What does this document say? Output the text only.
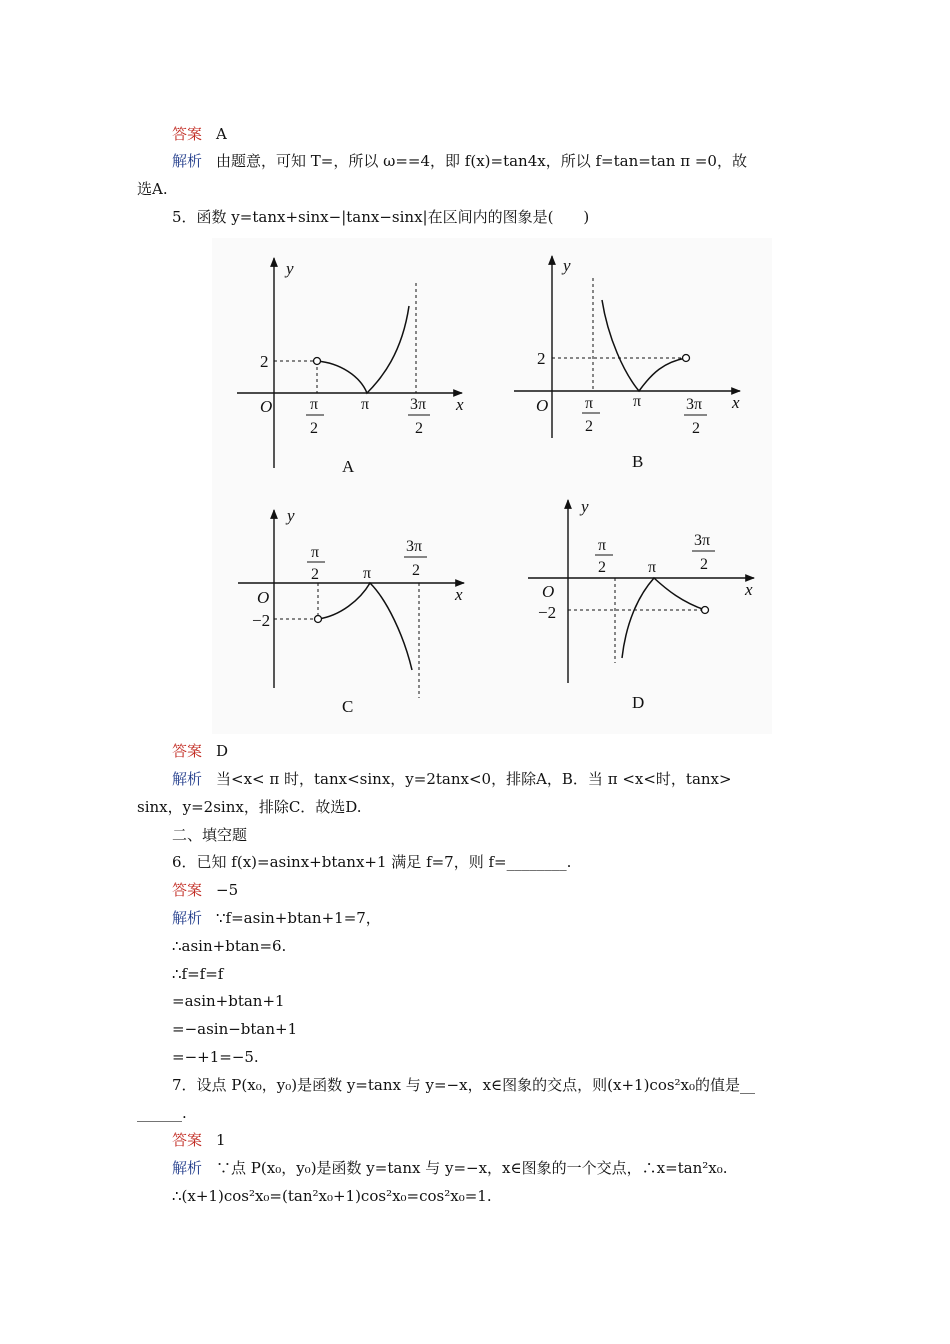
答案 A
解析 由题意，可知 T=，所以 ω==4，即 f(x)=tan4x，所以 f=tan=tan π =0，故
选A.
5．函数 y=tanx+sinx−|tanx−sinx|在区间内的图象是(　　)
y
x
O
2
π
2
π	3π
2
A
y
x
O
2
π
2
π	3π
2
B
y
x
O
−2
π
2	π
3π
2
C
y
x
O
−2
π
2	π
3π
2
D
答案 D
解析 当<x< π 时，tanx<sinx，y=2tanx<0，排除A，B．当 π <x<时，tanx>
sinx，y=2sinx，排除C．故选D.
二、填空题
6．已知 f(x)=asinx+btanx+1 满足 f=7，则 f=________.
答案 −5
解析 ∵f=asin+btan+1=7，
∴asin+btan=6.
∴f=f=f
=asin+btan+1
=−asin−btan+1
=−+1=−5.
7．设点 P(x₀，y₀)是函数 y=tanx 与 y=−x，x∈图象的交点，则(x+1)cos²x₀的值是__
______.
答案 1
解析 ∵点 P(x₀，y₀)是函数 y=tanx 与 y=−x，x∈图象的一个交点，∴x=tan²x₀.
∴(x+1)cos²x₀=(tan²x₀+1)cos²x₀=cos²x₀=1.
